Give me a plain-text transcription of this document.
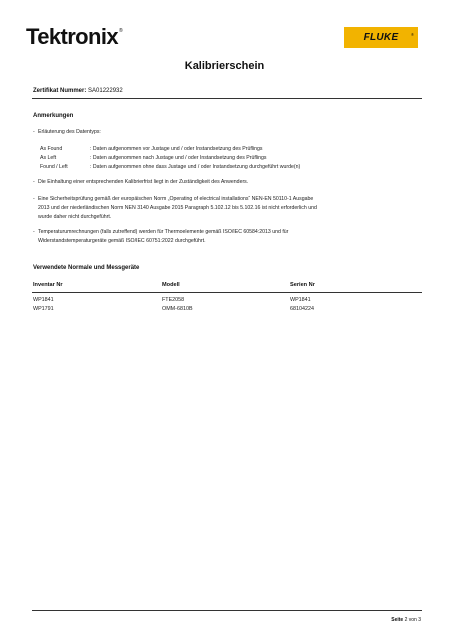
Tektronix®
FLUKE	®
Kalibrierschein
Zertifikat Nummer: SA01222932
Anmerkungen
- Erläuterung des Datentyps:
As Found	: Daten aufgenommen vor Justage und / oder Instandsetzung des Prüflings
As Left	: Daten aufgenommen nach Justage und / oder Instandsetzung des Prüflings
Found / Left	: Daten aufgenommen ohne dass Justage und / oder Instandsetzung durchgeführt wurde(n)
- Die Einhaltung einer entsprechenden Kalibrierfrist liegt in der Zuständigkeit des Anwenders.
- Eine Sicherheitsprüfung gemäß der europäischen Norm „Operating of electrical installations“ NEN-EN 50110-1 Ausgabe
2013 und der niederländischen Norm NEN 3140 Ausgabe 2015 Paragraph 5.102.12 bis 5.102.16 ist nicht erforderlich und
wurde daher nicht durchgeführt.
- Temperaturumrechnungen (falls zutreffend) werden für Thermoelemente gemäß ISO/IEC 60584:2013 und für
Widerstandstemperaturgeräte gemäß ISO/IEC 60751:2022 durchgeführt.
Verwendete Normale und Messgeräte
Inventar Nr	Modell	Serien Nr
WP1841	FTE2058	WP1841
WP1791	OMM-6810B	68104224
Seite 2 von 3
